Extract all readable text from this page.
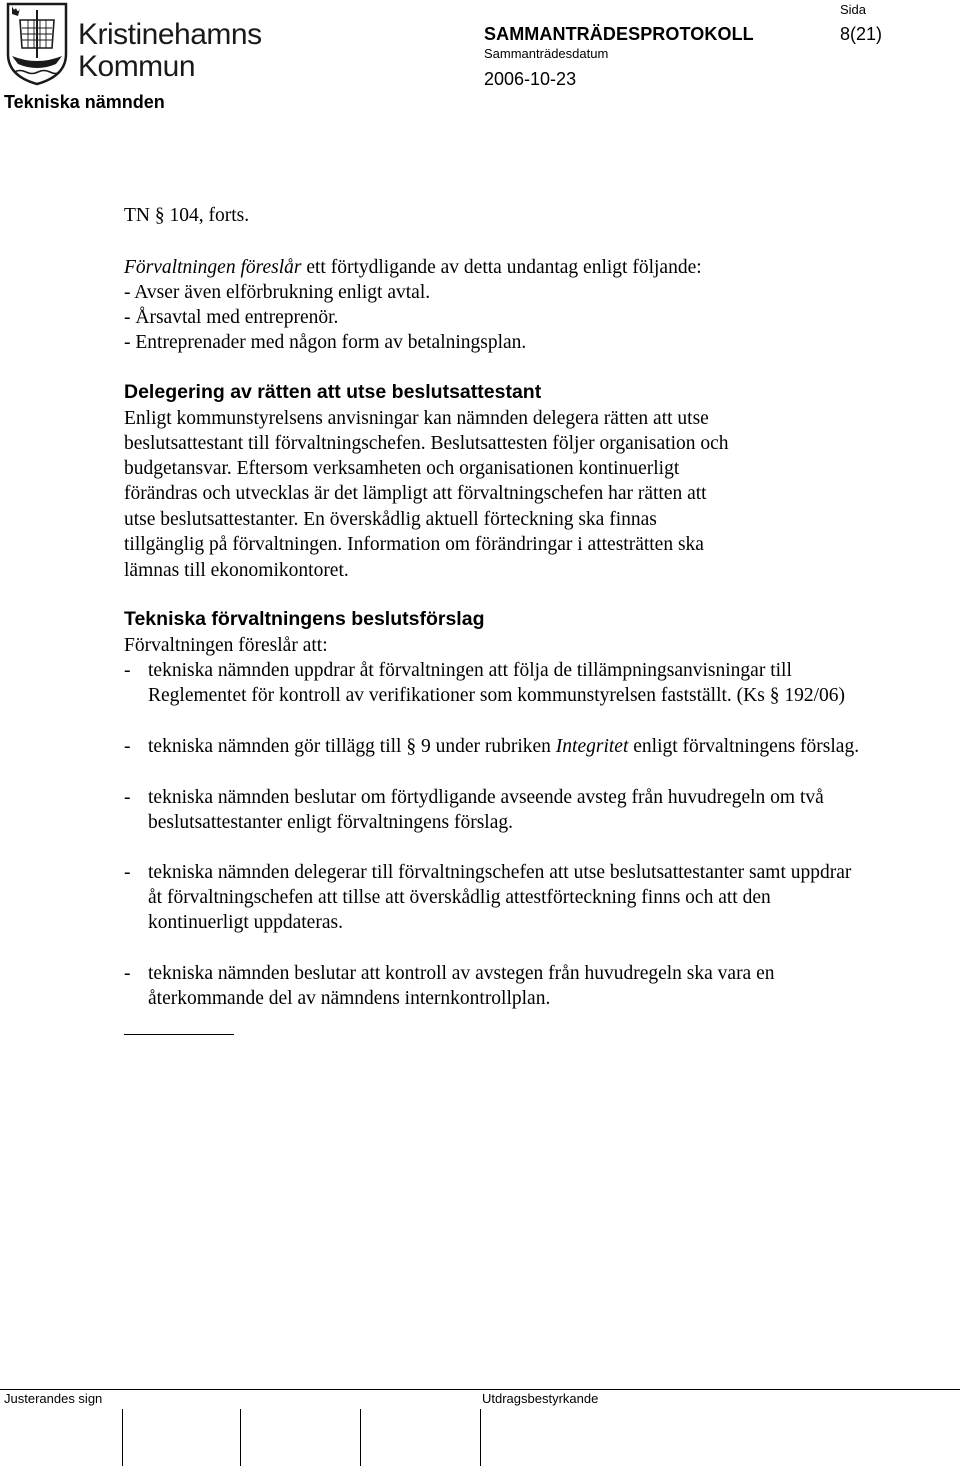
Kristinehamns
Kommun
Tekniska nämnden
SAMMANTRÄDESPROTOKOLL
Sammanträdesdatum
2006-10-23
Sida
8(21)
TN § 104, forts.
Förvaltningen föreslår ett förtydligande av detta undantag enligt följande:
- Avser även elförbrukning enligt avtal.
- Årsavtal med entreprenör.
- Entreprenader med någon form av betalningsplan.
Delegering av rätten att utse beslutsattestant
Enligt kommunstyrelsens anvisningar kan nämnden delegera rätten att utse
beslutsattestant till förvaltningschefen. Beslutsattesten följer organisation och
budgetansvar. Eftersom verksamheten och organisationen kontinuerligt
förändras och utvecklas är det lämpligt att förvaltningschefen har rätten att
utse beslutsattestanter. En överskådlig aktuell förteckning ska finnas
tillgänglig på förvaltningen. Information om förändringar i attesträtten ska
lämnas till ekonomikontoret.
Tekniska förvaltningens beslutsförslag
Förvaltningen föreslår att:
- tekniska nämnden uppdrar åt förvaltningen att följa de tillämpningsanvisningar till
Reglementet för kontroll av verifikationer som kommunstyrelsen fastställt. (Ks § 192/06)
- tekniska nämnden gör tillägg till § 9 under rubriken Integritet enligt förvaltningens förslag.
- tekniska nämnden beslutar om förtydligande avseende avsteg från huvudregeln om två
beslutsattestanter enligt förvaltningens förslag.
- tekniska nämnden delegerar till förvaltningschefen att utse beslutsattestanter samt uppdrar
åt förvaltningschefen att tillse att överskådlig attestförteckning finns och att den
kontinuerligt uppdateras.
- tekniska nämnden beslutar att kontroll av avstegen från huvudregeln ska vara en
återkommande del av nämndens internkontrollplan.
Justerandes sign	Utdragsbestyrkande
